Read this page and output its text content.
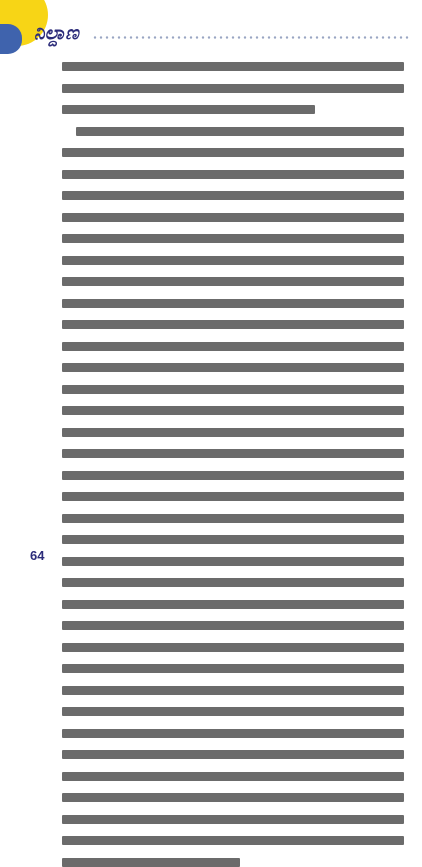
ನಿಲ್ದಾಣ
64
